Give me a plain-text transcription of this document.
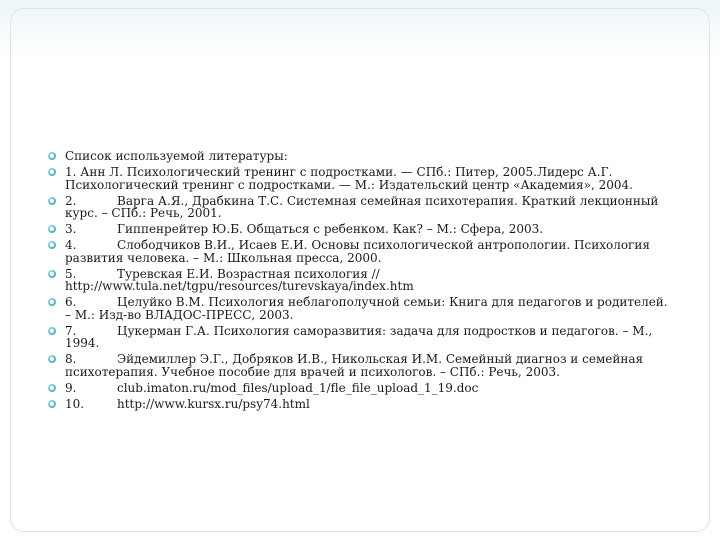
Список используемой литературы:
1. Анн Л. Психологический тренинг с подростками. — СПб.: Питер, 2005.Лидерс А.Г. Психологический тренинг с подростками. — М.: Издательский центр «Академия», 2004.
2.	Варга А.Я., Драбкина Т.С. Системная семейная психотерапия. Краткий лекционный курс. – СПб.: Речь, 2001.
3.	Гиппенрейтер Ю.Б. Общаться с ребенком. Как? – М.: Сфера, 2003.
4.	Слободчиков В.И., Исаев Е.И. Основы психологической антропологии. Психология развития человека. – М.: Школьная пресса, 2000.
5.	Туревская Е.И. Возрастная психология // http://www.tula.net/tgpu/resources/turevskaya/index.htm
6.	Целуйко В.М. Психология неблагополучной семьи: Книга для педагогов и родителей. – М.: Изд-во ВЛАДОС-ПРЕСС, 2003.
7.	Цукерман Г.А. Психология саморазвития: задача для подростков и педагогов. – М., 1994.
8.	Эйдемиллер Э.Г., Добряков И.В., Никольская И.М. Семейный диагноз и семейная психотерапия. Учебное пособие для врачей и психологов. – СПб.: Речь, 2003.
9.	club.imaton.ru/mod_files/upload_1/fle_file_upload_1_19.doc
10.	http://www.kursx.ru/psy74.html
